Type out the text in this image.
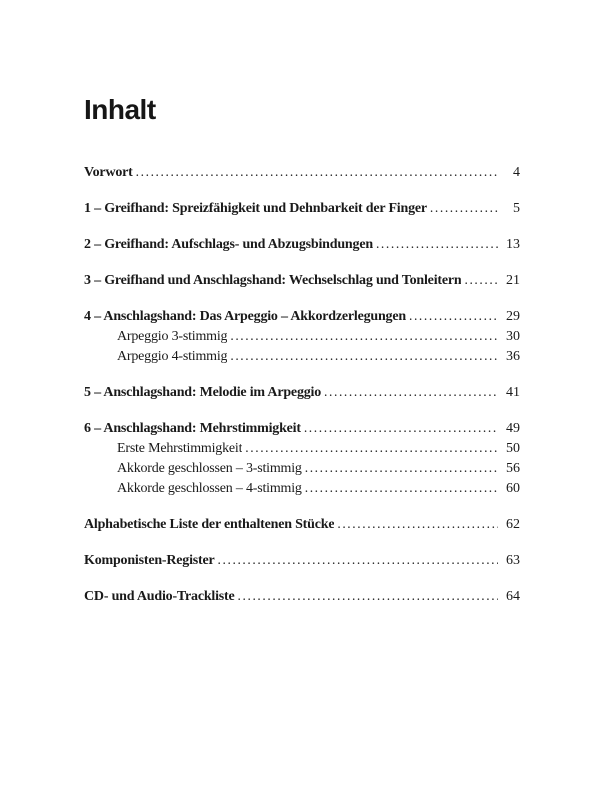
Inhalt
Vorwort .....	4
1 – Greifhand: Spreizfähigkeit und Dehnbarkeit der Finger .....	5
2 – Greifhand: Aufschlags- und Abzugsbindungen .....	13
3 – Greifhand und Anschlagshand: Wechselschlag und Tonleitern .....	21
4 – Anschlagshand: Das Arpeggio – Akkordzerlegungen .....	29
Arpeggio 3-stimmig .....	30
Arpeggio 4-stimmig .....	36
5 – Anschlagshand: Melodie im Arpeggio .....	41
6 – Anschlagshand: Mehrstimmigkeit .....	49
Erste Mehrstimmigkeit .....	50
Akkorde geschlossen – 3-stimmig .....	56
Akkorde geschlossen – 4-stimmig .....	60
Alphabetische Liste der enthaltenen Stücke .....	62
Komponisten-Register .....	63
CD- und Audio-Trackliste .....	64
